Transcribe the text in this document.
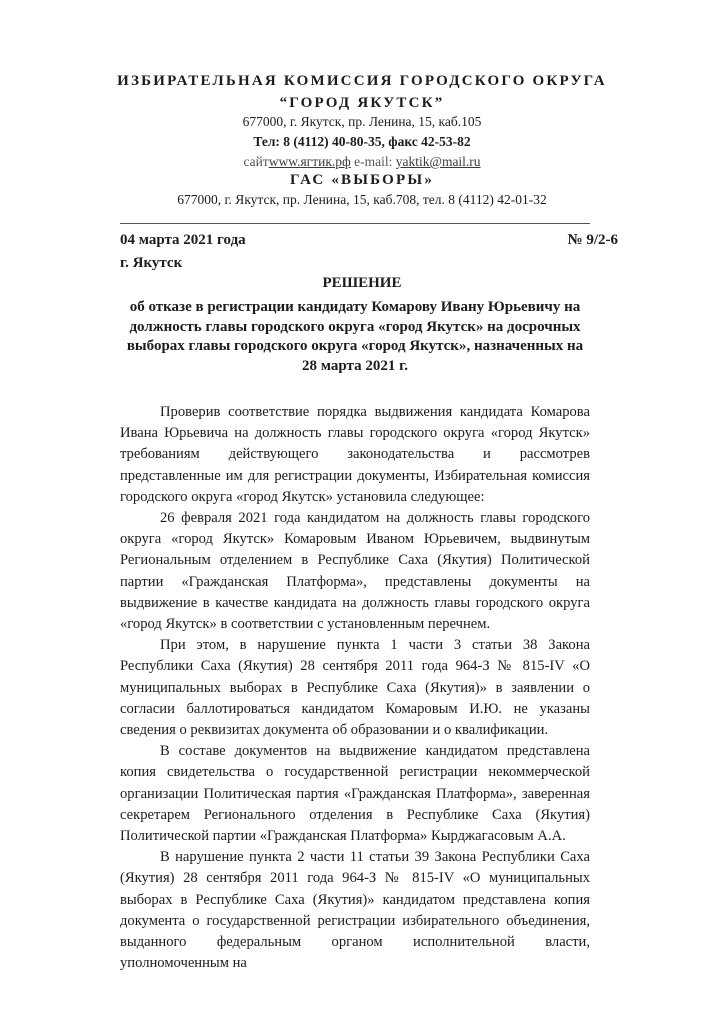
ИЗБИРАТЕЛЬНАЯ КОМИССИЯ ГОРОДСКОГО ОКРУГА
“ГОРОД ЯКУТСК”
677000, г. Якутск, пр. Ленина, 15, каб.105
Тел: 8 (4112) 40-80-35, факс 42-53-82
сайтwww.ягтик.рф e-mail: yaktik@mail.ru
ГАС «ВЫБОРЫ»
677000, г. Якутск, пр. Ленина, 15, каб.708, тел. 8 (4112) 42-01-32
04 марта 2021 года	№ 9/2-6
г. Якутск
РЕШЕНИЕ
об отказе в регистрации кандидату Комарову Ивану Юрьевичу на должность главы городского округа «город Якутск» на досрочных выборах главы городского округа «город Якутск», назначенных на 28 марта 2021 г.

Проверив соответствие порядка выдвижения кандидата Комарова Ивана Юрьевича на должность главы городского округа «город Якутск» требованиям действующего законодательства и рассмотрев представленные им для регистрации документы, Избирательная комиссия городского округа «город Якутск» установила следующее:

26 февраля 2021 года кандидатом на должность главы городского округа «город Якутск» Комаровым Иваном Юрьевичем, выдвинутым Региональным отделением в Республике Саха (Якутия) Политической партии «Гражданская Платформа», представлены документы на выдвижение в качестве кандидата на должность главы городского округа «город Якутск» в соответствии с установленным перечнем.

При этом, в нарушение пункта 1 части 3 статьи 38 Закона Республики Саха (Якутия) 28 сентября 2011 года 964-З № 815-IV «О муниципальных выборах в Республике Саха (Якутия)» в заявлении о согласии баллотироваться кандидатом Комаровым И.Ю. не указаны сведения о реквизитах документа об образовании и о квалификации.

В составе документов на выдвижение кандидатом представлена копия свидетельства о государственной регистрации некоммерческой организации Политическая партия «Гражданская Платформа», заверенная секретарем Регионального отделения в Республике Саха (Якутия) Политической партии «Гражданская Платформа» Кырджагасовым А.А.

В нарушение пункта 2 части 11 статьи 39 Закона Республики Саха (Якутия) 28 сентября 2011 года 964-З № 815-IV «О муниципальных выборах в Республике Саха (Якутия)» кандидатом представлена копия документа о государственной регистрации избирательного объединения, выданного федеральным органом исполнительной власти, уполномоченным на
